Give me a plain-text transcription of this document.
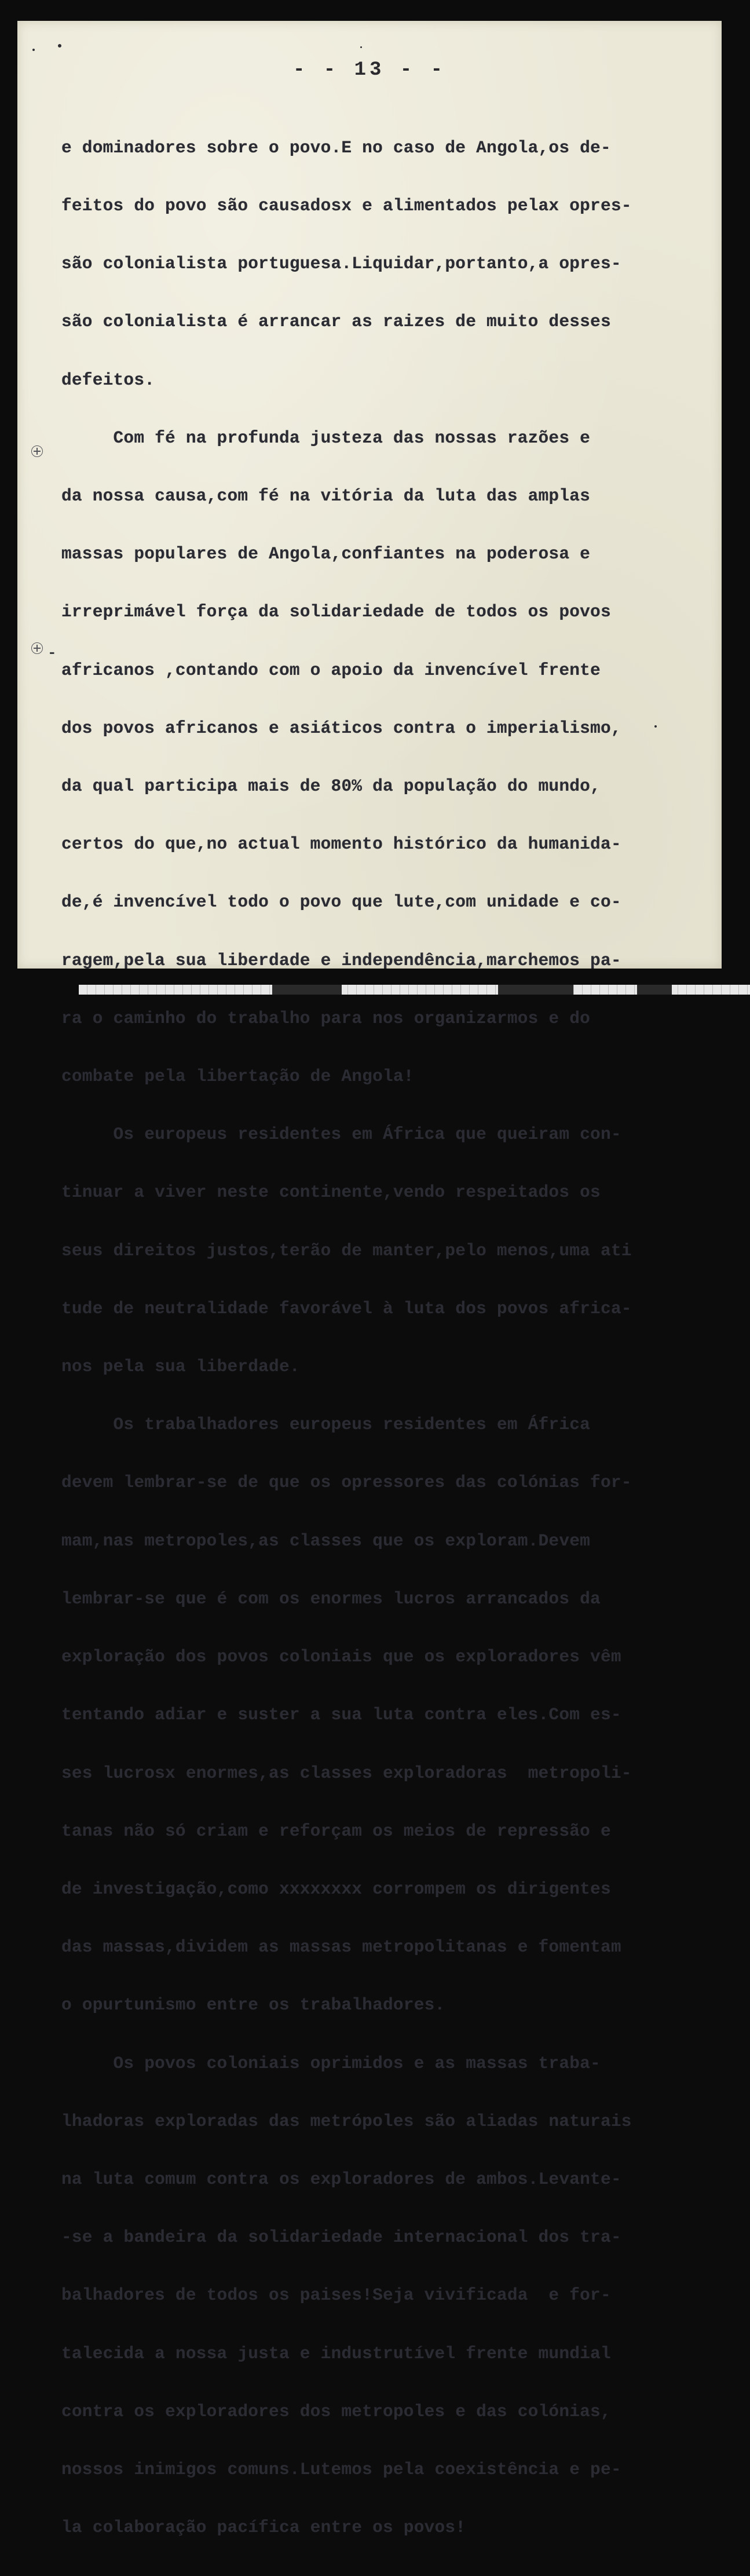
- - 13 - -

e dominadores sobre o povo.E no caso de Angola,os de-

feitos do povo são causadosx e alimentados pelax opres-

são colonialista portuguesa.Liquidar,portanto,a opres-

são colonialista é arrancar as raizes de muito desses

defeitos.

Com fé na profunda justeza das nossas razões e

da nossa causa,com fé na vitória da luta das amplas

massas populares de Angola,confiantes na poderosa e

irreprimável força da solidariedade de todos os povos

africanos ,contando com o apoio da invencível frente

dos povos africanos e asiáticos contra o imperialismo,

da qual participa mais de 80% da população do mundo,

certos do que,no actual momento histórico da humanida-

de,é invencível todo o povo que lute,com unidade e co-

ragem,pela sua liberdade e independência,marchemos pa-

ra o caminho do trabalho para nos organizarmos e do

combate pela libertação de Angola!

Os europeus residentes em África que queiram con-

tinuar a viver neste continente,vendo respeitados os

seus direitos justos,terão de manter,pelo menos,uma ati

tude de neutralidade favorável à luta dos povos africa-

nos pela sua liberdade.

Os trabalhadores europeus residentes em África

devem lembrar-se de que os opressores das colónias for-

mam,nas metropoles,as classes que os exploram.Devem

lembrar-se que é com os enormes lucros arrancados da

exploração dos povos coloniais que os exploradores vêm

tentando adiar e suster a sua luta contra eles.Com es-

ses lucrosx enormes,as classes exploradoras  metropoli-

tanas não só criam e reforçam os meios de repressão e

de investigação,como xxxxxxxx corrompem os dirigentes

das massas,dividem as massas metropolitanas e fomentam

o opurtunismo entre os trabalhadores.

Os povos coloniais oprimidos e as massas traba-

lhadoras exploradas das metrópoles são aliadas naturais

na luta comum contra os exploradores de ambos.Levante-

-se a bandeira da solidariedade internacional dos tra-

balhadores de todos os paises!Seja vivificada  e for-

talecida a nossa justa e industrutível frente mundial

contra os exploradores dos metropoles e das colónias,

nossos inimigos comuns.Lutemos pela coexistência e pe-

la colaboração pacífica entre os povos!

-
